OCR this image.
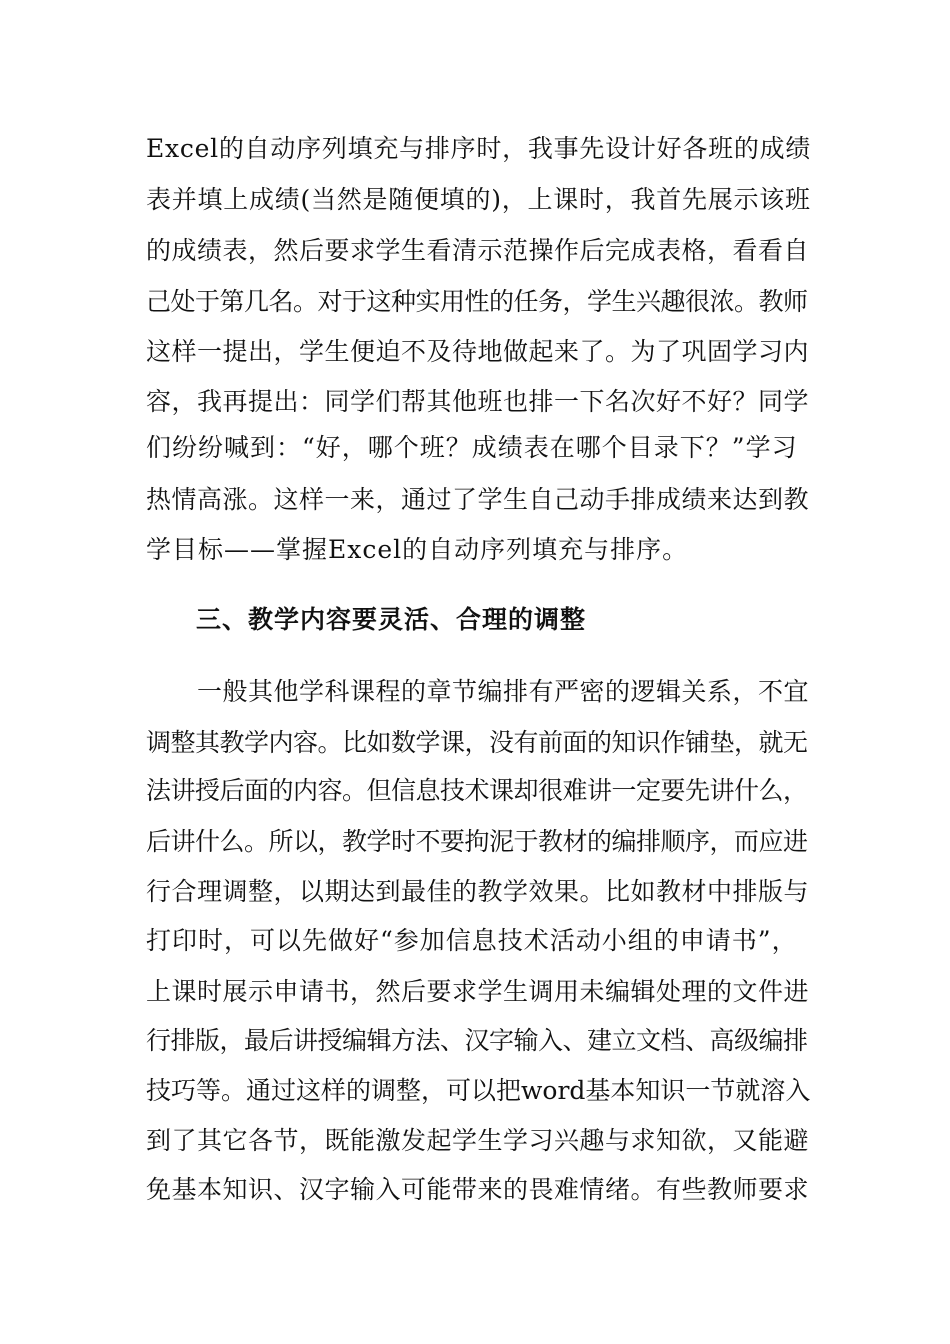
Excel的自动序列填充与排序时，我事先设计好各班的成绩
表并填上成绩(当然是随便填的)，上课时，我首先展示该班
的成绩表，然后要求学生看清示范操作后完成表格，看看自
己处于第几名。对于这种实用性的任务，学生兴趣很浓。教师
这样一提出，学生便迫不及待地做起来了。为了巩固学习内
容，我再提出：同学们帮其他班也排一下名次好不好？同学
们纷纷喊到：“好，哪个班？成绩表在哪个目录下？”学习
热情高涨。这样一来，通过了学生自己动手排成绩来达到教
学目标——掌握Excel的自动序列填充与排序。
三、教学内容要灵活、合理的调整
　　一般其他学科课程的章节编排有严密的逻辑关系，不宜
调整其教学内容。比如数学课，没有前面的知识作铺垫，就无
法讲授后面的内容。但信息技术课却很难讲一定要先讲什么，
后讲什么。所以，教学时不要拘泥于教材的编排顺序，而应进
行合理调整，以期达到最佳的教学效果。比如教材中排版与
打印时，可以先做好“参加信息技术活动小组的申请书”，
上课时展示申请书，然后要求学生调用未编辑处理的文件进
行排版，最后讲授编辑方法、汉字输入、建立文档、高级编排
技巧等。通过这样的调整，可以把word基本知识一节就溶入
到了其它各节，既能激发起学生学习兴趣与求知欲，又能避
免基本知识、汉字输入可能带来的畏难情绪。有些教师要求
